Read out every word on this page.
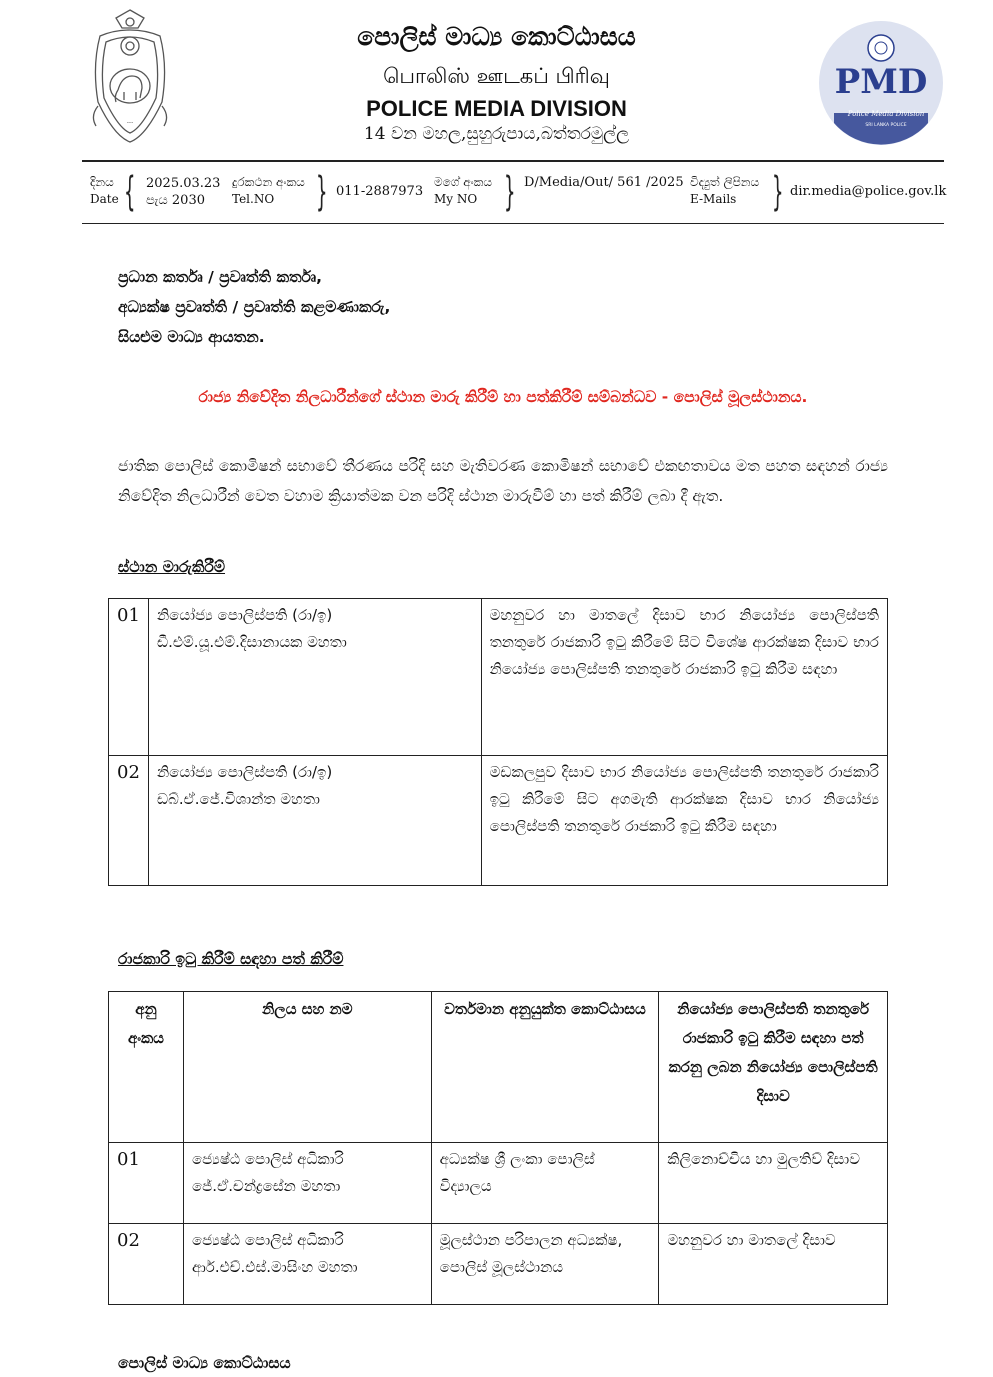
---
PMD
Police Media Division
SRI LANKA POLICE
පොලිස් මාධ්‍ය කොට්ඨාසය
பொலிஸ் ஊடகப் பிரிவு
POLICE MEDIA DIVISION
14 වන මහල,සුහුරුපාය,බත්තරමුල්ල
දිනය
Date { 2025.03.23
පැය 2030
දුරකථන අංකය
Tel.NO	} 011-2887973
මගේ අංකය
My NO } D/Media/Out/ 561 /2025 විද්‍යුත් ලිපිනය
E-Mails } dir.media@police.gov.lk
ප්‍රධාන කර්තෘ / ප්‍රවෘත්ති කර්තෘ,
අධ්‍යක්ෂ ප්‍රවෘත්ති / ප්‍රවෘත්ති කළමණාකරු,
සියළුම මාධ්‍ය ආයතන.
රාජ්‍ය නිවේදිත නිලධාරීන්ගේ ස්ථාන මාරු කිරීම් හා පත්කිරීම් සම්බන්ධව - පොලිස් මූලස්ථානය.
ජාතික පොලිස් කොමිෂන් සභාවේ තීරණය පරිදි සහ මැතිවරණ කොමිෂන් සභාවේ එකඟතාවය මත පහත සඳහන් රාජ්‍ය නිවේදිත නිලධාරීන් වෙත වහාම ක්‍රියාත්මක වන පරිදි ස්ථාන මාරුවීම් හා පත් කිරීම් ලබා දී ඇත.
ස්ථාන මාරුකිරීම්
01	නියෝජ්‍ය පොලිස්පති (රා/ඉ)
ඩී.එම්.යූ.එම්.දිසානායක මහතා	මහනුවර හා මාතලේ දිසාව භාර නියෝජ්‍ය පොලිස්පති තනතුරේ රාජකාරි ඉටු කිරීමේ සිට විශේෂ ආරක්ෂක දිසාව භාර නියෝජ්‍ය පොලිස්පති තනතුරේ රාජකාරි ඉටු කිරීම සඳහා
02	නියෝජ්‍ය පොලිස්පති (රා/ඉ)
ඩබ්.ඒ.ජේ.විශාන්ත මහතා	මඩකලපුව දිසාව භාර නියෝජ්‍ය පොලිස්පති තනතුරේ රාජකාරි ඉටු කිරීමේ සිට අගමැති ආරක්ෂක දිසාව භාර නියෝජ්‍ය පොලිස්පති තනතුරේ රාජකාරි ඉටු කිරීම සඳහා
රාජකාරි ඉටු කිරීම් සඳහා පත් කිරීම්
අනු අංකය	නිලය සහ නම	වර්තමාන අනුයුක්ත කොට්ඨාසය	නියෝජ්‍ය පොලිස්පති තනතුරේ රාජකාරි ඉටු කිරීම සඳහා පත් කරනු ලබන නියෝජ්‍ය පොලිස්පති දිසාව
01	ජ්‍යෙෂ්ඨ පොලිස් අධිකාරි ජේ.ඒ.චන්ද්‍රසේන මහතා	අධ්‍යක්ෂ ශ්‍රී ලංකා පොලිස් විද්‍යාලය	කිලිනොච්චිය හා මුලතිව් දිසාව
02	ජ්‍යෙෂ්ඨ පොලිස් අධිකාරි ආර්.එච්.එස්.මාසිංහ මහතා	මූලස්ථාන පරිපාලන අධ්‍යක්ෂ, පොලිස් මූලස්ථානය	මහනුවර හා මාතලේ දිසාව
පොලිස් මාධ්‍ය කොට්ඨාසය
